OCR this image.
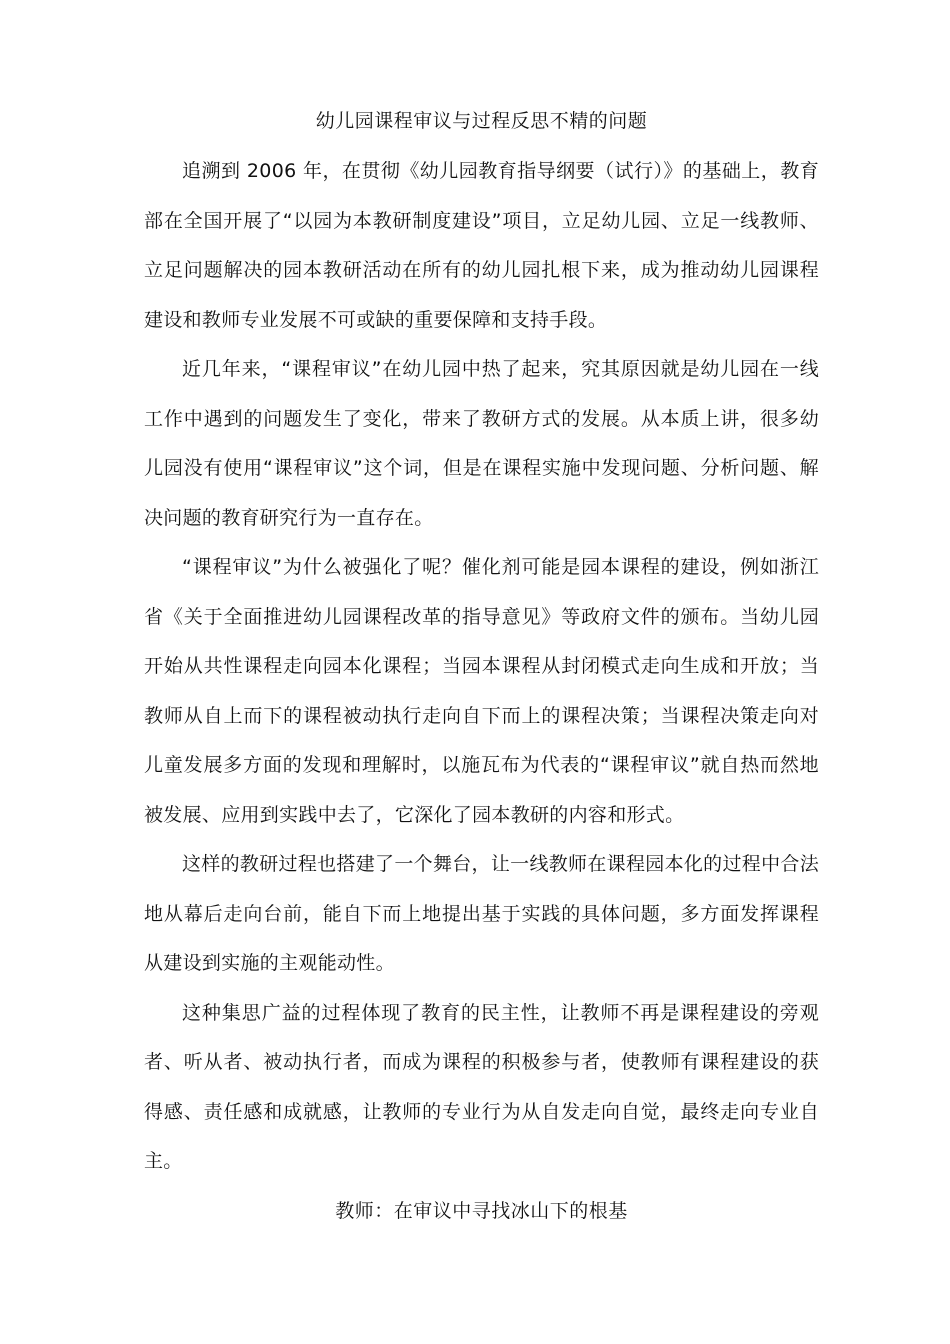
幼儿园课程审议与过程反思不精的问题

追溯到 2006 年，在贯彻《幼儿园教育指导纲要（试行）》的基础上，教育部在全国开展了“以园为本教研制度建设”项目，立足幼儿园、立足一线教师、立足问题解决的园本教研活动在所有的幼儿园扎根下来，成为推动幼儿园课程建设和教师专业发展不可或缺的重要保障和支持手段。

近几年来，“课程审议”在幼儿园中热了起来，究其原因就是幼儿园在一线工作中遇到的问题发生了变化，带来了教研方式的发展。从本质上讲，很多幼儿园没有使用“课程审议”这个词，但是在课程实施中发现问题、分析问题、解决问题的教育研究行为一直存在。

“课程审议”为什么被强化了呢？催化剂可能是园本课程的建设，例如浙江省《关于全面推进幼儿园课程改革的指导意见》等政府文件的颁布。当幼儿园开始从共性课程走向园本化课程；当园本课程从封闭模式走向生成和开放；当教师从自上而下的课程被动执行走向自下而上的课程决策；当课程决策走向对儿童发展多方面的发现和理解时，以施瓦布为代表的“课程审议”就自热而然地被发展、应用到实践中去了，它深化了园本教研的内容和形式。

这样的教研过程也搭建了一个舞台，让一线教师在课程园本化的过程中合法地从幕后走向台前，能自下而上地提出基于实践的具体问题，多方面发挥课程从建设到实施的主观能动性。

这种集思广益的过程体现了教育的民主性，让教师不再是课程建设的旁观者、听从者、被动执行者，而成为课程的积极参与者，使教师有课程建设的获得感、责任感和成就感，让教师的专业行为从自发走向自觉，最终走向专业自主。

教师：在审议中寻找冰山下的根基
